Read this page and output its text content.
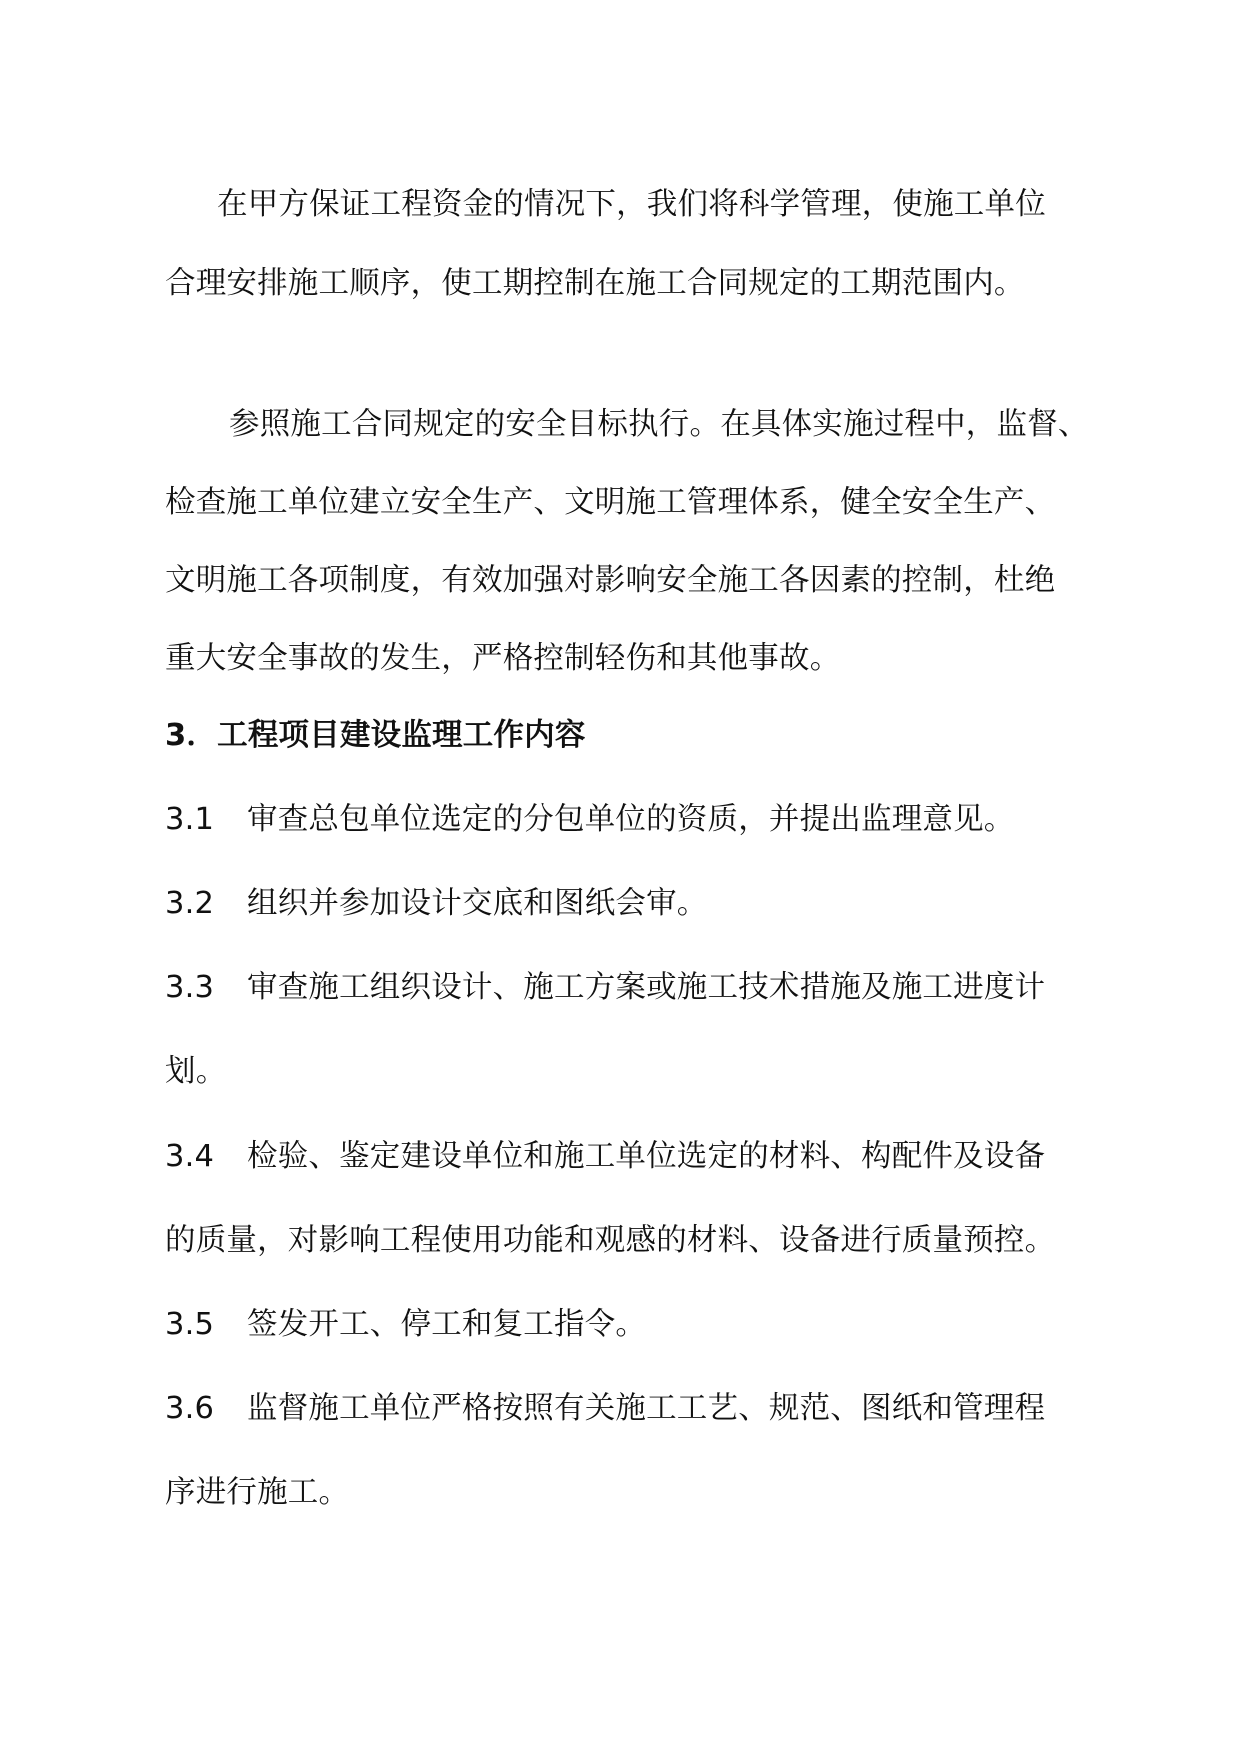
在甲方保证工程资金的情况下，我们将科学管理，使施工单位
合理安排施工顺序，使工期控制在施工合同规定的工期范围内。
参照施工合同规定的安全目标执行。在具体实施过程中，监督、
检查施工单位建立安全生产、文明施工管理体系，健全安全生产、
文明施工各项制度，有效加强对影响安全施工各因素的控制，杜绝
重大安全事故的发生，严格控制轻伤和其他事故。
3．工程项目建设监理工作内容
3.1 审查总包单位选定的分包单位的资质，并提出监理意见。
3.2 组织并参加设计交底和图纸会审。
3.3 审查施工组织设计、施工方案或施工技术措施及施工进度计
划。
3.4 检验、鉴定建设单位和施工单位选定的材料、构配件及设备
的质量，对影响工程使用功能和观感的材料、设备进行质量预控。
3.5 签发开工、停工和复工指令。
3.6 监督施工单位严格按照有关施工工艺、规范、图纸和管理程
序进行施工。
